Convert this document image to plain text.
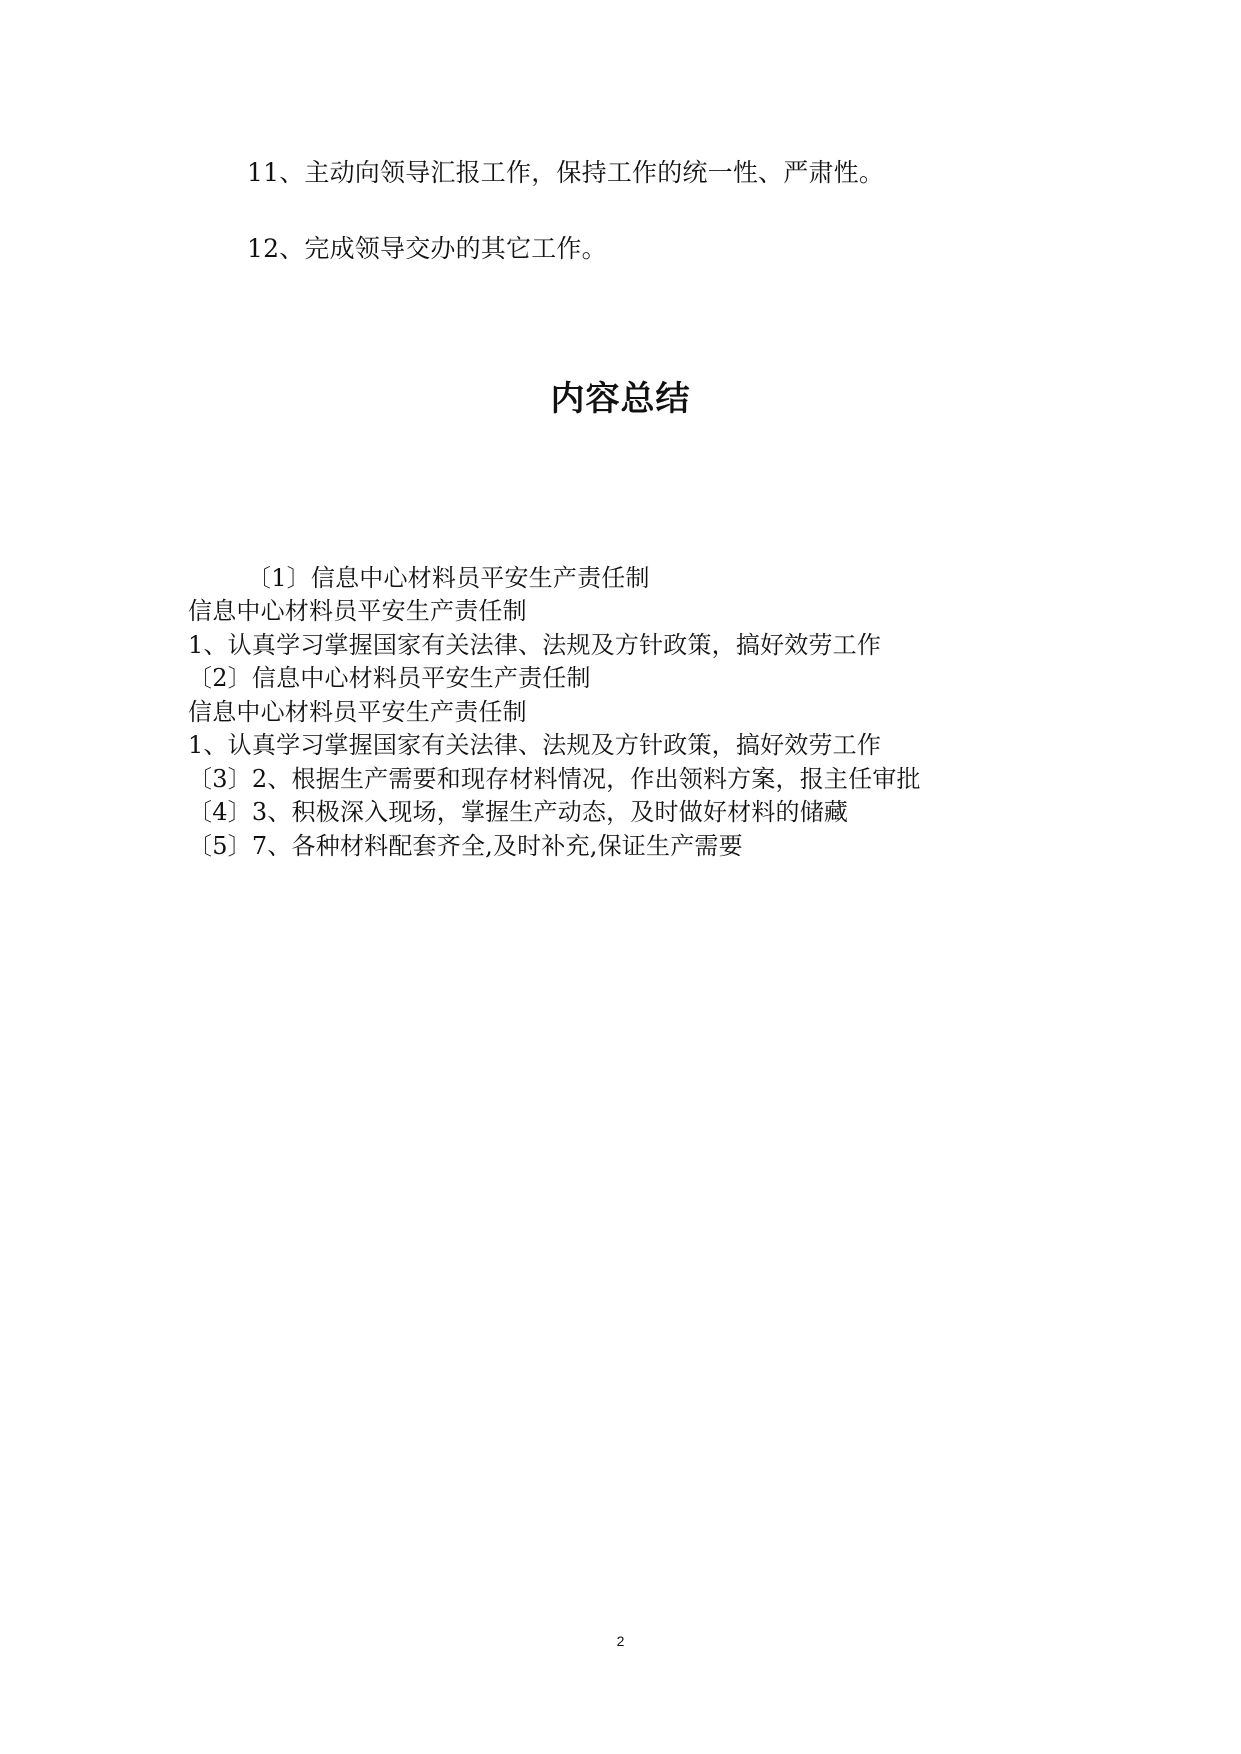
11、主动向领导汇报工作，保持工作的统一性、严肃性。
12、完成领导交办的其它工作。
内容总结
〔1〕信息中心材料员平安生产责任制
信息中心材料员平安生产责任制
1、认真学习掌握国家有关法律、法规及方针政策，搞好效劳工作
〔2〕信息中心材料员平安生产责任制
信息中心材料员平安生产责任制
1、认真学习掌握国家有关法律、法规及方针政策，搞好效劳工作
〔3〕2、根据生产需要和现存材料情况，作出领料方案，报主任审批
〔4〕3、积极深入现场，掌握生产动态，及时做好材料的储藏
〔5〕7、各种材料配套齐全,及时补充,保证生产需要
2
